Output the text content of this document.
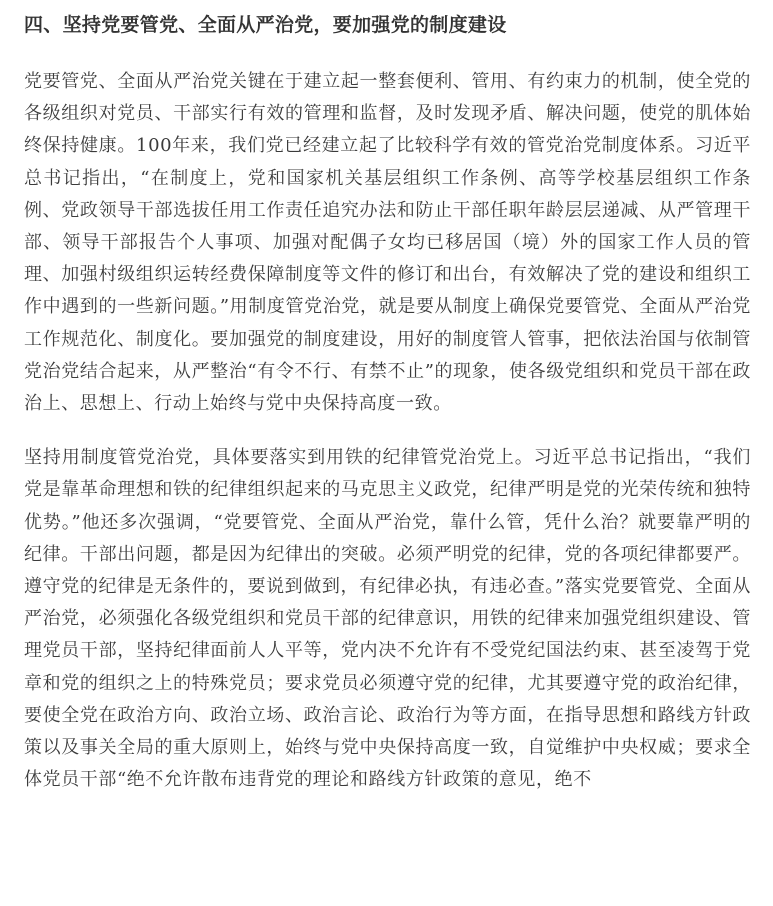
四、坚持党要管党、全面从严治党，要加强党的制度建设

党要管党、全面从严治党关键在于建立起一整套便利、管用、有约束力的机制，使全党的各级组织对党员、干部实行有效的管理和监督，及时发现矛盾、解决问题，使党的肌体始终保持健康。100年来，我们党已经建立起了比较科学有效的管党治党制度体系。习近平总书记指出，“在制度上，党和国家机关基层组织工作条例、高等学校基层组织工作条例、党政领导干部选拔任用工作责任追究办法和防止干部任职年龄层层递减、从严管理干部、领导干部报告个人事项、加强对配偶子女均已移居国（境）外的国家工作人员的管理、加强村级组织运转经费保障制度等文件的修订和出台，有效解决了党的建设和组织工作中遇到的一些新问题。”用制度管党治党，就是要从制度上确保党要管党、全面从严治党工作规范化、制度化。要加强党的制度建设，用好的制度管人管事，把依法治国与依制管党治党结合起来，从严整治“有令不行、有禁不止”的现象，使各级党组织和党员干部在政治上、思想上、行动上始终与党中央保持高度一致。

坚持用制度管党治党，具体要落实到用铁的纪律管党治党上。习近平总书记指出，“我们党是靠革命理想和铁的纪律组织起来的马克思主义政党，纪律严明是党的光荣传统和独特优势。”他还多次强调，“党要管党、全面从严治党，靠什么管，凭什么治？就要靠严明的纪律。干部出问题，都是因为纪律出的突破。必须严明党的纪律，党的各项纪律都要严。遵守党的纪律是无条件的，要说到做到，有纪律必执，有违必查。”落实党要管党、全面从严治党，必须强化各级党组织和党员干部的纪律意识，用铁的纪律来加强党组织建设、管理党员干部，坚持纪律面前人人平等，党内决不允许有不受党纪国法约束、甚至凌驾于党章和党的组织之上的特殊党员；要求党员必须遵守党的纪律，尤其要遵守党的政治纪律，要使全党在政治方向、政治立场、政治言论、政治行为等方面，在指导思想和路线方针政策以及事关全局的重大原则上，始终与党中央保持高度一致，自觉维护中央权威；要求全体党员干部“绝不允许散布违背党的理论和路线方针政策的意见，绝不
